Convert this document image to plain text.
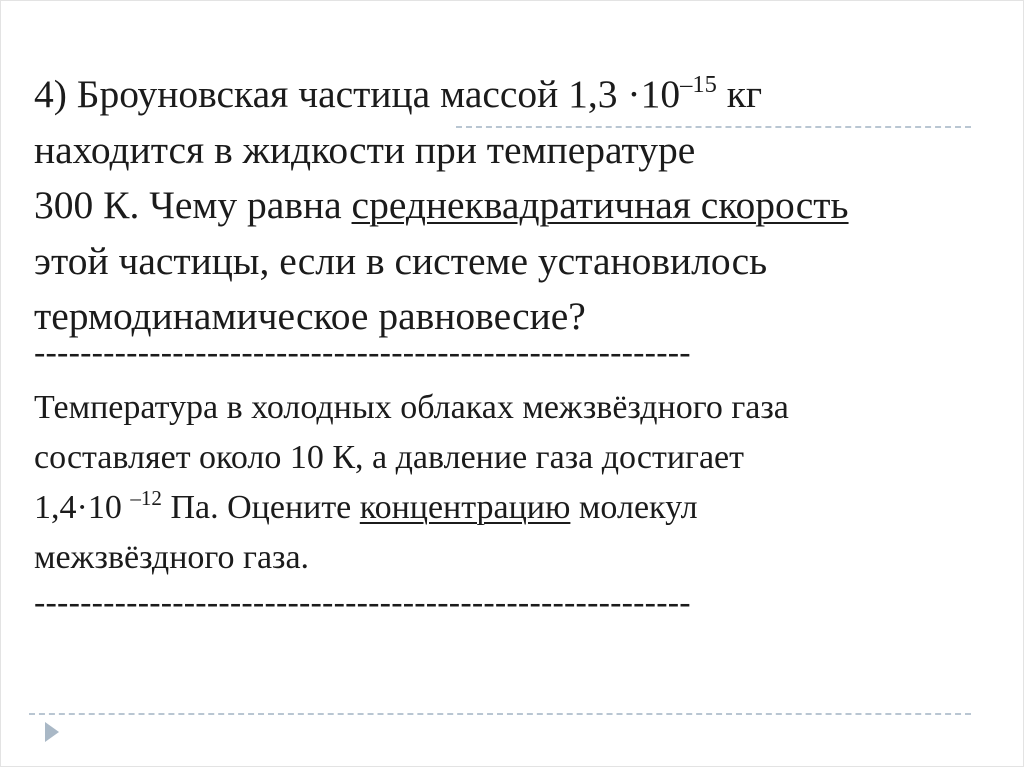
4) Броуновская частица массой $1,3 \cdot 10^{-15}$ кг
находится в жидкости при температуре
300 К. Чему равна среднеквадратичная скорость
этой частицы, если в системе установилось
термодинамическое равновесие?

---------------------------------------------------------

Температура в холодных облаках межзвёздного газа
составляет около 10 К, а давление газа достигает
1,4·10 $^{-12}$ Па. Оцените концентрацию молекул
межзвёздного газа.

---------------------------------------------------------
